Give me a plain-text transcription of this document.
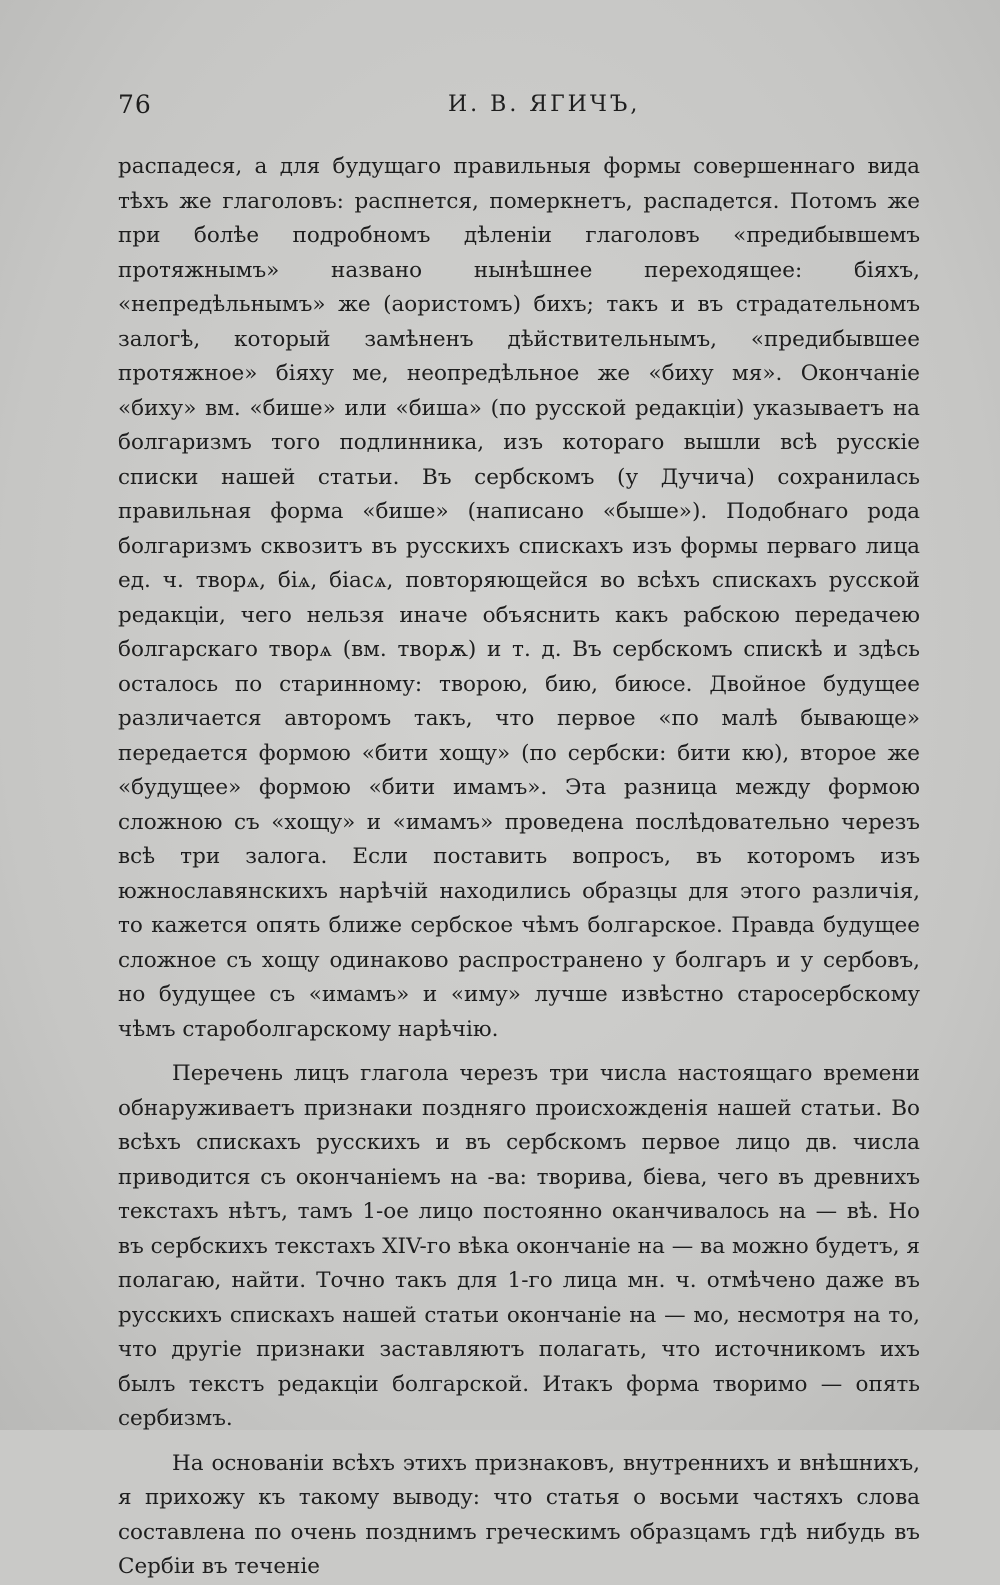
76	И. В. ЯГИЧЪ,

распадеся, а для будущаго правильныя формы совершеннаго вида тѣхъ же глаголовъ: распнется, померкнетъ, распадется. Потомъ же при болѣе подробномъ дѣленіи глаголовъ «предибывшемъ протяжнымъ» названо нынѣшнее переходящее: біяхъ, «непредѣльнымъ» же (аористомъ) бихъ; такъ и въ страдательномъ залогѣ, который замѣненъ дѣйствительнымъ, «предибывшее протяжное» біяху ме, неопредѣльное же «биху мя». Окончаніе «биху» вм. «бише» или «биша» (по русской редакціи) указываетъ на болгаризмъ того подлинника, изъ котораго вышли всѣ русскіе списки нашей статьи. Въ сербскомъ (у Дучича) сохранилась правильная форма «бише» (написано «быше»). Подобнаго рода болгаризмъ сквозитъ въ русскихъ спискахъ изъ формы перваго лица ед. ч. творѧ, біѧ, біасѧ, повторяющейся во всѣхъ спискахъ русской редакціи, чего нельзя иначе объяснить какъ рабскою передачею болгарскаго творѧ (вм. творѫ) и т. д. Въ сербскомъ спискѣ и здѣсь осталось по старинному: творою, бию, биюсе. Двойное будущее различается авторомъ такъ, что первое «по малѣ бывающе» передается формою «бити хощу» (по сербски: бити кю), второе же «будущее» формою «бити имамъ». Эта разница между формою сложною съ «хощу» и «имамъ» проведена послѣдовательно черезъ всѣ три залога. Если поставить вопросъ, въ которомъ изъ южнославянскихъ нарѣчій находились образцы для этого различія, то кажется опять ближе сербское чѣмъ болгарское. Правда будущее сложное съ хощу одинаково распространено у болгаръ и у сербовъ, но будущее съ «имамъ» и «иму» лучше извѣстно старосербскому чѣмъ староболгарскому нарѣчію.

Перечень лицъ глагола черезъ три числа настоящаго времени обнаруживаетъ признаки поздняго происхожденія нашей статьи. Во всѣхъ спискахъ русскихъ и въ сербскомъ первое лицо дв. числа приводится съ окончаніемъ на -ва: творива, біева, чего въ древнихъ текстахъ нѣтъ, тамъ 1-ое лицо постоянно оканчивалось на — вѣ. Но въ сербскихъ текстахъ XIV-го вѣка окончаніе на — ва можно будетъ, я полагаю, найти. Точно такъ для 1-го лица мн. ч. отмѣчено даже въ русскихъ спискахъ нашей статьи окончаніе на — мо, несмотря на то, что другіе признаки заставляютъ полагать, что источникомъ ихъ былъ текстъ редакціи болгарской. Итакъ форма творимо — опять сербизмъ.

На основаніи всѣхъ этихъ признаковъ, внутреннихъ и внѣшнихъ, я прихожу къ такому выводу: что статья о восьми частяхъ слова составлена по очень позднимъ греческимъ образцамъ гдѣ нибудь въ Сербіи въ теченіе
